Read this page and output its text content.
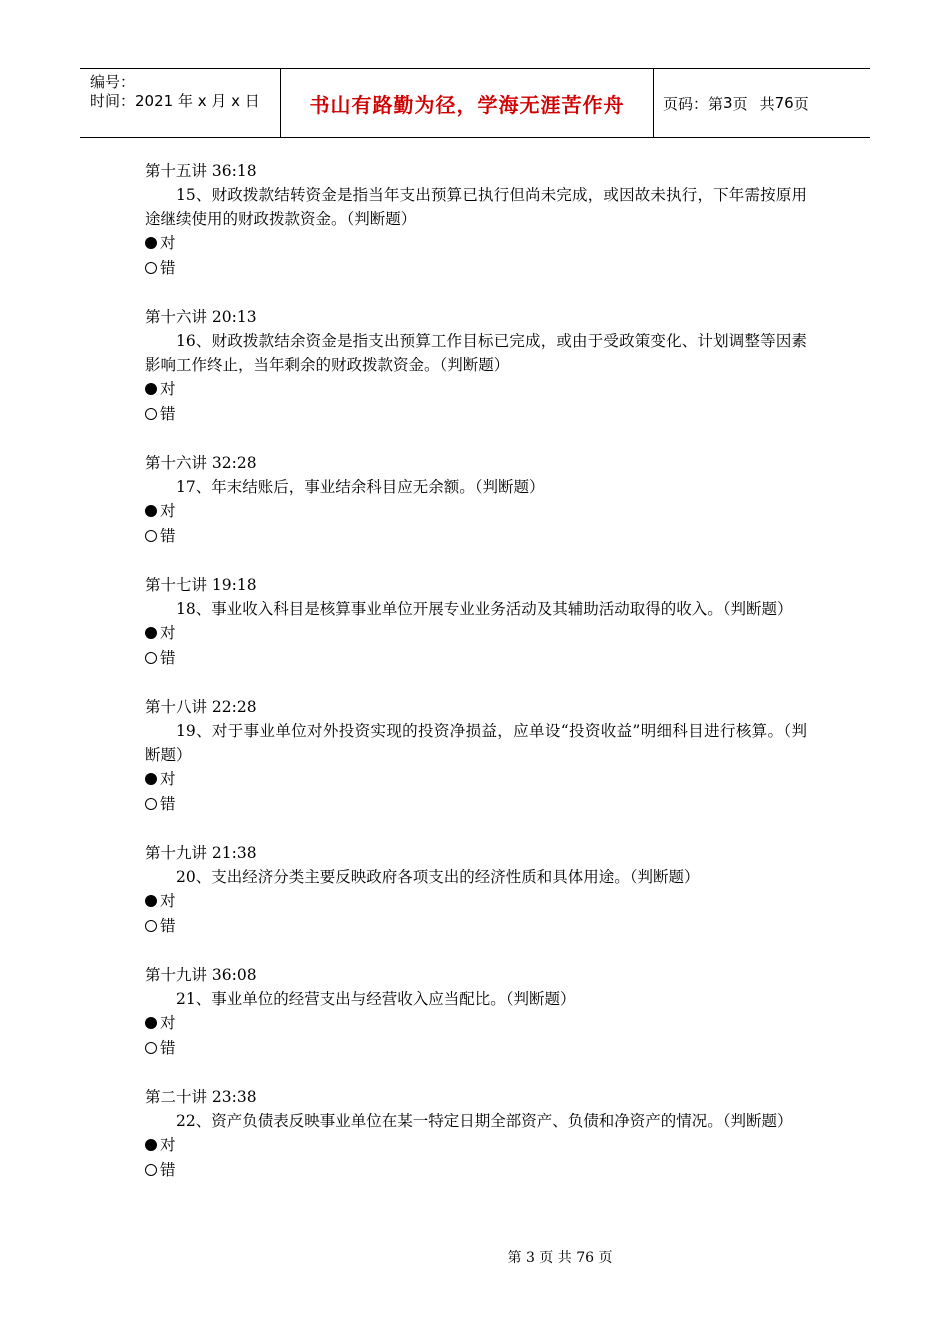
编号：
时间：2021 年 x 月 x 日	书山有路勤为径，学海无涯苦作舟	页码：第 3 页 共 76 页
第十五讲 36:18
15、财政拨款结转资金是指当年支出预算已执行但尚未完成，或因故未执行，下年需按原用途继续使用的财政拨款资金。（判断题）
对
错
第十六讲 20:13
16、财政拨款结余资金是指支出预算工作目标已完成，或由于受政策变化、计划调整等因素影响工作终止，当年剩余的财政拨款资金。（判断题）
对
错
第十六讲 32:28
17、年末结账后，事业结余科目应无余额。（判断题）
对
错
第十七讲 19:18
18、事业收入科目是核算事业单位开展专业业务活动及其辅助活动取得的收入。（判断题）
对
错
第十八讲 22:28
19、对于事业单位对外投资实现的投资净损益，应单设“投资收益”明细科目进行核算。（判断题）
对
错
第十九讲 21:38
20、支出经济分类主要反映政府各项支出的经济性质和具体用途。（判断题）
对
错
第十九讲 36:08
21、事业单位的经营支出与经营收入应当配比。（判断题）
对
错
第二十讲 23:38
22、资产负债表反映事业单位在某一特定日期全部资产、负债和净资产的情况。（判断题）
对
错
第 3 页 共 76 页
